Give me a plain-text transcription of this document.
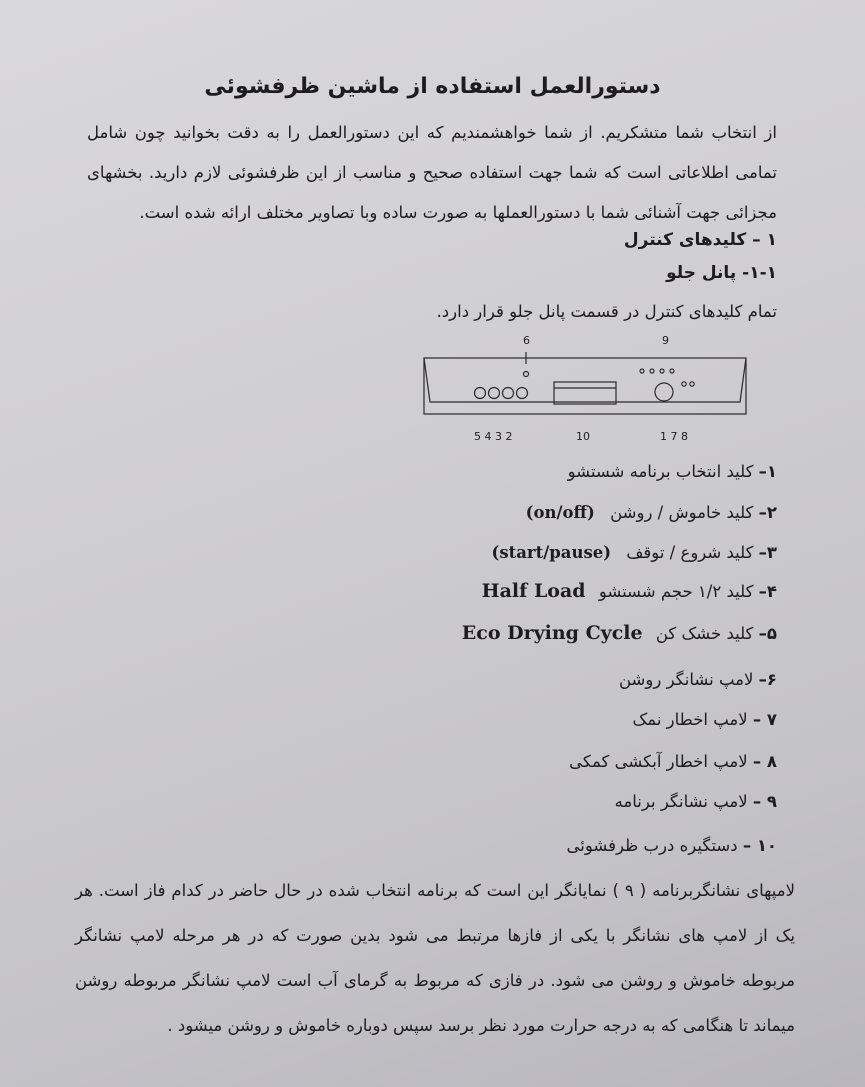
دستورالعمل استفاده از ماشین ظرفشوئی
از انتخاب شما متشکریم. از شما خواهشمندیم که این دستورالعمل را به دقت بخوانید چون شامل تمامی اطلاعاتی است که شما جهت استفاده صحیح و مناسب از این ظرفشوئی لازم دارید. بخشهای مجزائی جهت آشنائی شما با دستورالعملها به صورت ساده وبا تصاویر مختلف ارائه شده است.
۱ – کلیدهای کنترل
۱-۱- پانل جلو
تمام کلیدهای کنترل در قسمت پانل جلو قرار دارد.
6	9
5 4 3 2	10	1 7 8
۱– کلید انتخاب برنامه شستشو
۲– کلید خاموش / روشن (on/off)
۳– کلید شروع / توقف (start/pause)
۴– کلید ۱/۲ حجم شستشو Half Load
۵– کلید خشک کن Eco Drying Cycle
۶– لامپ نشانگر روشن
۷ – لامپ اخطار نمک
۸ – لامپ اخطار آبکشی کمکی
۹ – لامپ نشانگر برنامه
۱۰ – دستگیره درب ظرفشوئی
لامپهای نشانگربرنامه ( ۹ ) نمایانگر این است که برنامه انتخاب شده در حال حاضر در کدام فاز است. هر یک از لامپ های نشانگر با یکی از فازها مرتبط می شود بدین صورت که در هر مرحله لامپ نشانگر مربوطه خاموش و روشن می شود. در فازی که مربوط به گرمای آب است لامپ نشانگر مربوطه روشن میماند تا هنگامی که به درجه حرارت مورد نظر برسد سپس دوباره خاموش و روشن میشود .
